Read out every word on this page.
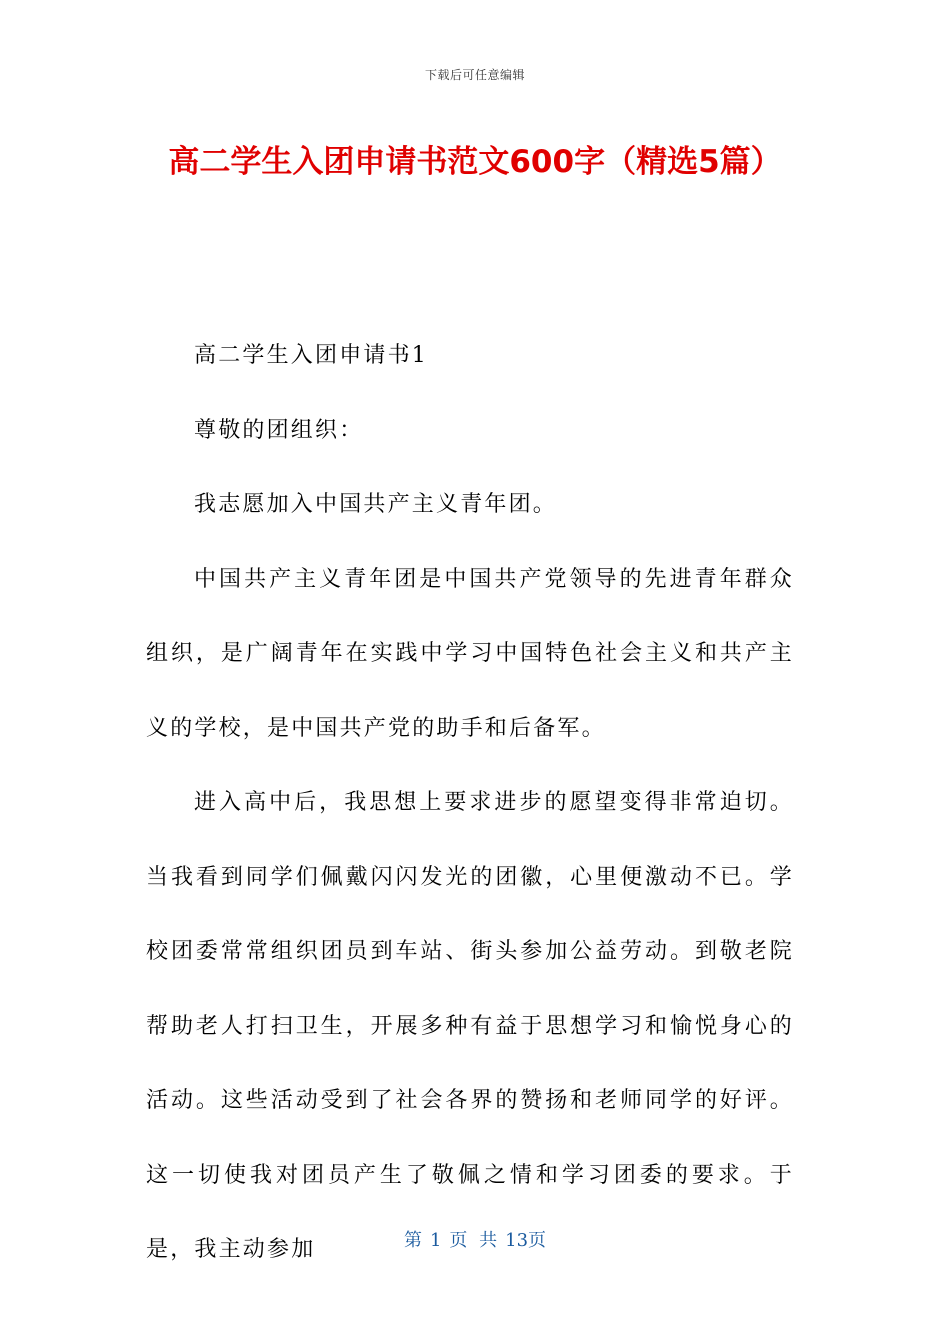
下载后可任意编辑
高二学生入团申请书范文600字（精选5篇）

高二学生入团申请书1

尊敬的团组织：

我志愿加入中国共产主义青年团。

中国共产主义青年团是中国共产党领导的先进青年群众组织，是广阔青年在实践中学习中国特色社会主义和共产主义的学校，是中国共产党的助手和后备军。

进入高中后，我思想上要求进步的愿望变得非常迫切。当我看到同学们佩戴闪闪发光的团徽，心里便激动不已。学校团委常常组织团员到车站、街头参加公益劳动。到敬老院帮助老人打扫卫生，开展多种有益于思想学习和愉悦身心的活动。这些活动受到了社会各界的赞扬和老师同学的好评。这一切使我对团员产生了敬佩之情和学习团委的要求。于是，我主动参加	第 1 页 共 13页
